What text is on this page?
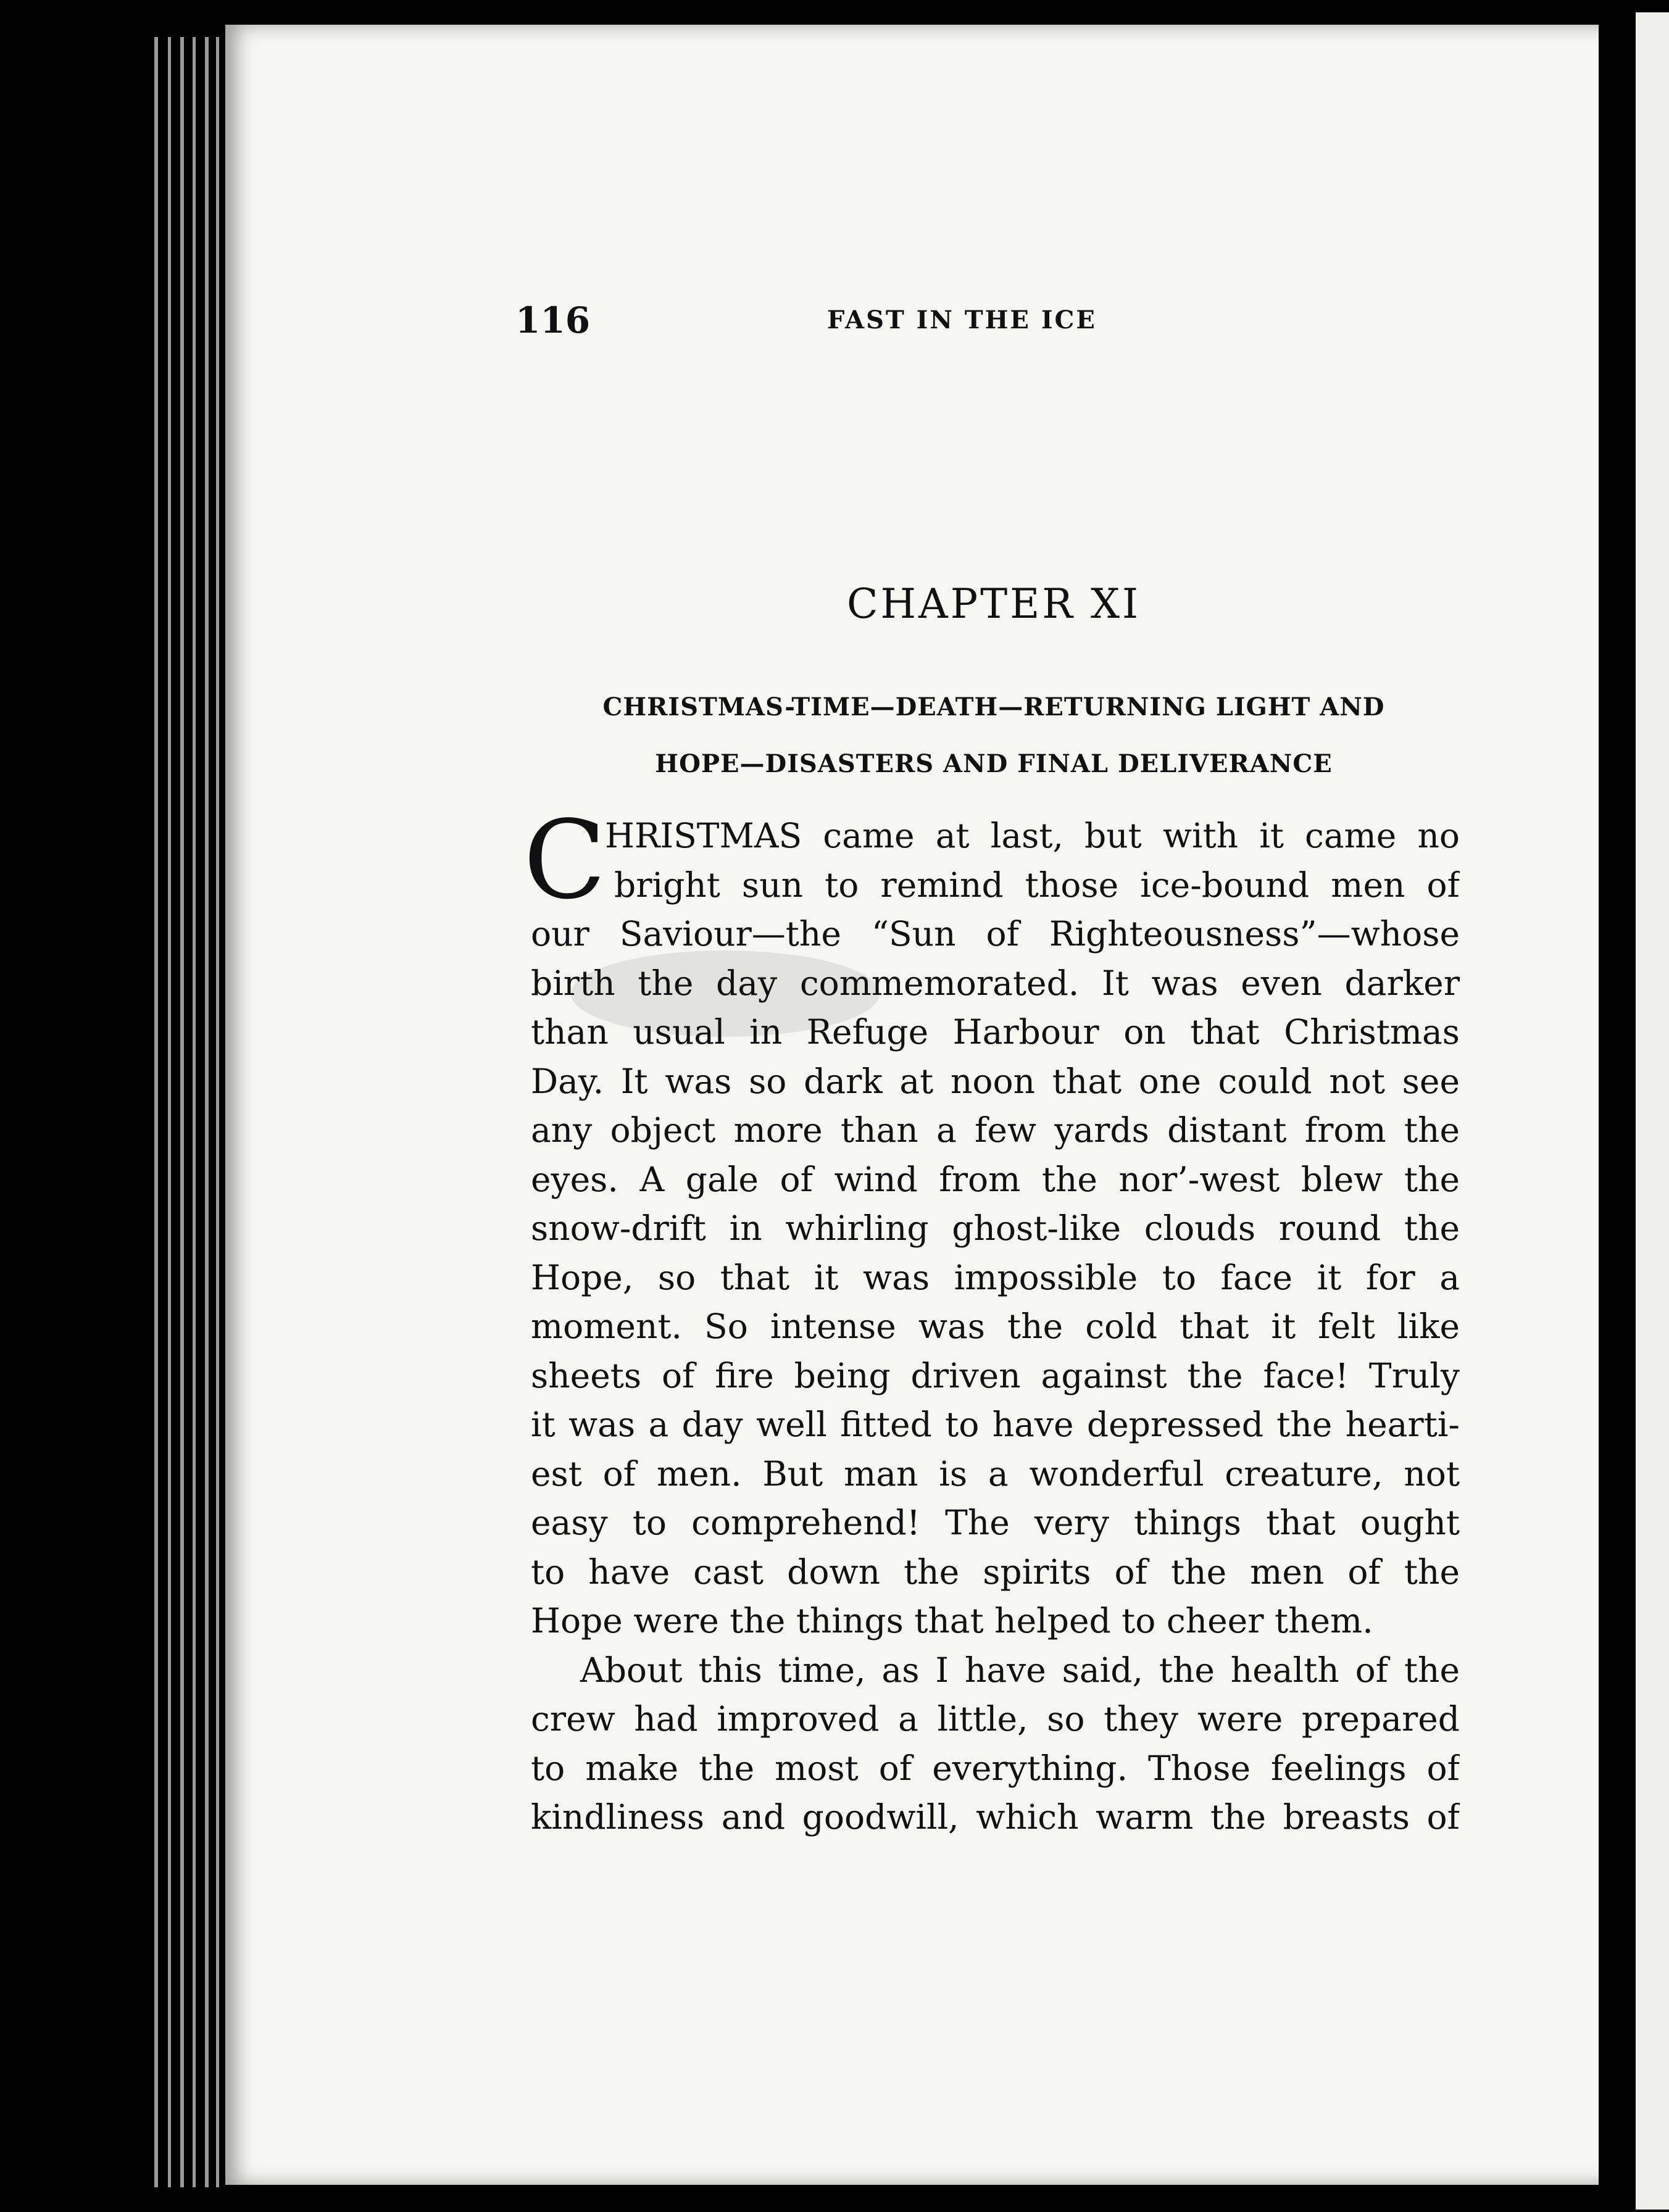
116	FAST IN THE ICE
CHAPTER XI
CHRISTMAS-TIME—DEATH—RETURNING LIGHT AND
HOPE—DISASTERS AND FINAL DELIVERANCE
C
HRISTMAS came at last, but with it came no
bright sun to remind those ice-bound men of
our Saviour—the “Sun of Righteousness”—whose
birth the day commemorated. It was even darker
than usual in Refuge Harbour on that Christmas
Day. It was so dark at noon that one could not see
any object more than a few yards distant from the
eyes. A gale of wind from the nor’-west blew the
snow-drift in whirling ghost-like clouds round the
Hope, so that it was impossible to face it for a
moment. So intense was the cold that it felt like
sheets of fire being driven against the face! Truly
it was a day well fitted to have depressed the hearti-
est of men. But man is a wonderful creature, not
easy to comprehend! The very things that ought
to have cast down the spirits of the men of the
Hope were the things that helped to cheer them.
About this time, as I have said, the health of the
crew had improved a little, so they were prepared
to make the most of everything. Those feelings of
kindliness and goodwill, which warm the breasts of
